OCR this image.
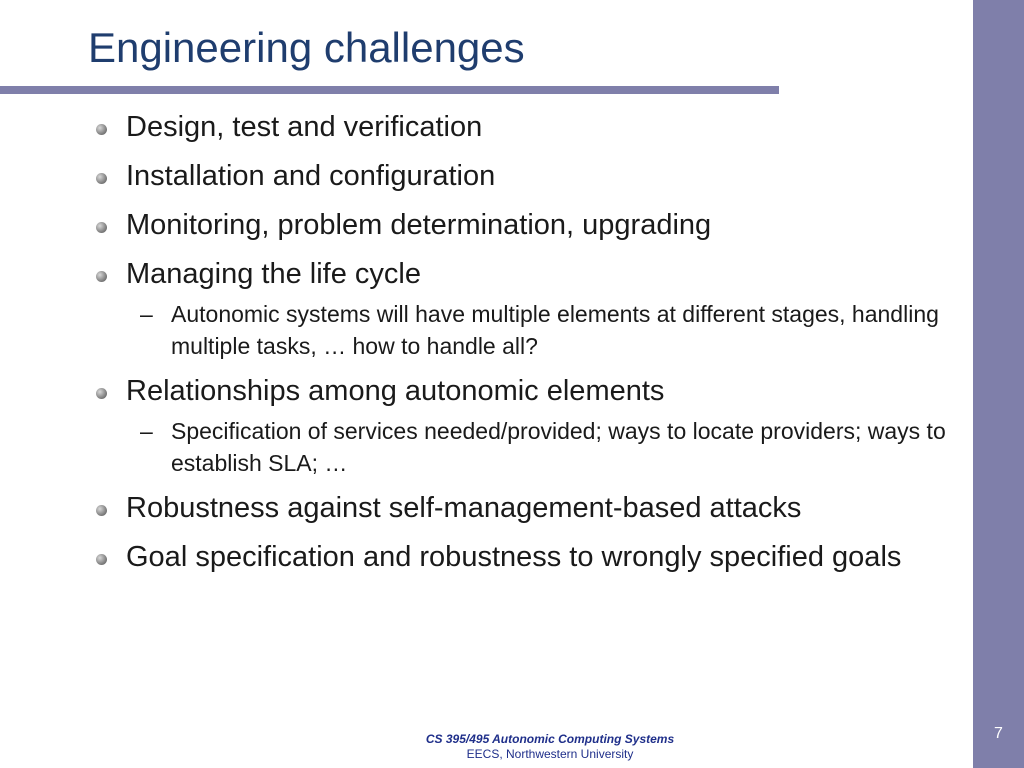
7
Engineering challenges
Design, test and verification
Installation and configuration
Monitoring, problem determination, upgrading
Managing the life cycle
– Autonomic systems will have multiple elements at different stages, handling multiple tasks, … how to handle all?
Relationships among autonomic elements
– Specification of services needed/provided; ways to locate providers; ways to establish SLA; …
Robustness against self-management-based attacks
Goal specification and robustness to wrongly specified goals
CS 395/495 Autonomic Computing Systems
EECS, Northwestern University
